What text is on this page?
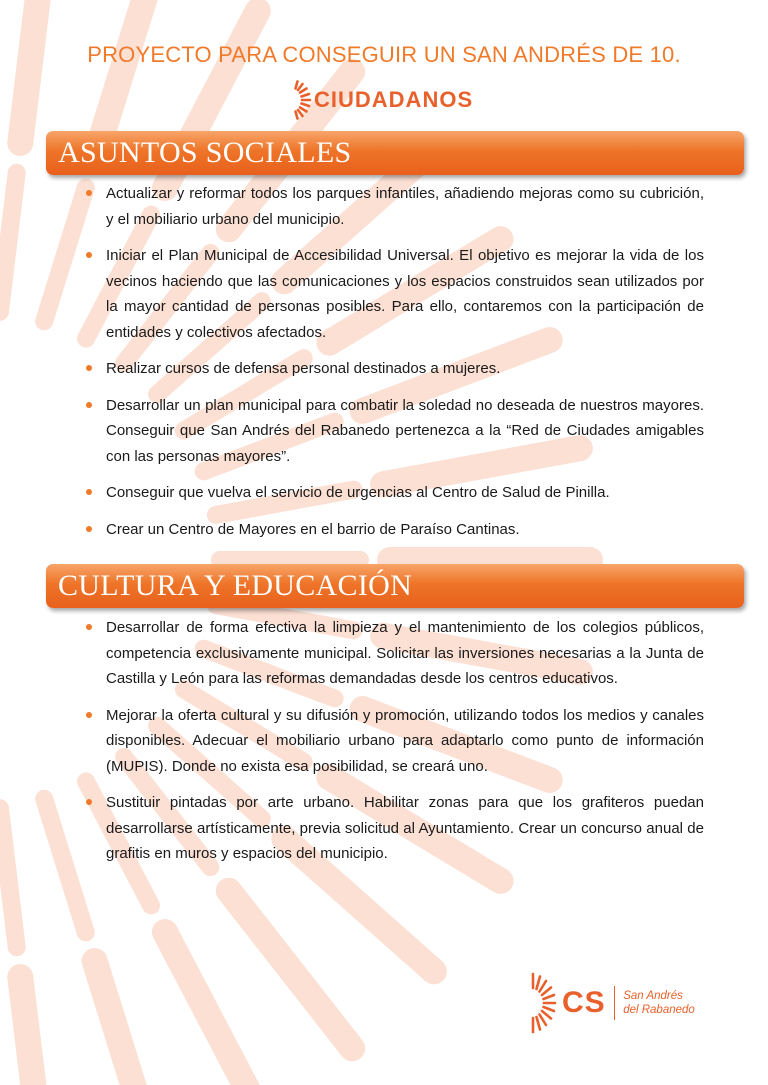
PROYECTO PARA CONSEGUIR UN SAN ANDRÉS DE 10.
CIUDADANOS
ASUNTOS SOCIALES
Actualizar y reformar todos los parques infantiles, añadiendo mejoras como su cubrición, y el mobiliario urbano del municipio.
Iniciar el Plan Municipal de Accesibilidad Universal. El objetivo es mejorar la vida de los vecinos haciendo que las comunicaciones y los espacios construidos sean utilizados por la mayor cantidad de personas posibles. Para ello, contaremos con la participación de entidades y colectivos afectados.
Realizar cursos de defensa personal destinados a mujeres.
Desarrollar un plan municipal para combatir la soledad no deseada de nuestros mayores. Conseguir que San Andrés del Rabanedo pertenezca a la “Red de Ciudades amigables con las personas mayores”.
Conseguir que vuelva el servicio de urgencias al Centro de Salud de Pinilla.
Crear un Centro de Mayores en el barrio de Paraíso Cantinas.
CULTURA Y EDUCACIÓN
Desarrollar de forma efectiva la limpieza y el mantenimiento de los colegios públicos, competencia exclusivamente municipal. Solicitar las inversiones necesarias a la Junta de Castilla y León para las reformas demandadas desde los centros educativos.
Mejorar la oferta cultural y su difusión y promoción, utilizando todos los medios y canales disponibles. Adecuar el mobiliario urbano para adaptarlo como punto de información (MUPIS). Donde no exista esa posibilidad, se creará uno.
Sustituir pintadas por arte urbano. Habilitar zonas para que los grafiteros puedan desarrollarse artísticamente, previa solicitud al Ayuntamiento. Crear un concurso anual de grafitis en muros y espacios del municipio.
CS San Andrés
del Rabanedo
